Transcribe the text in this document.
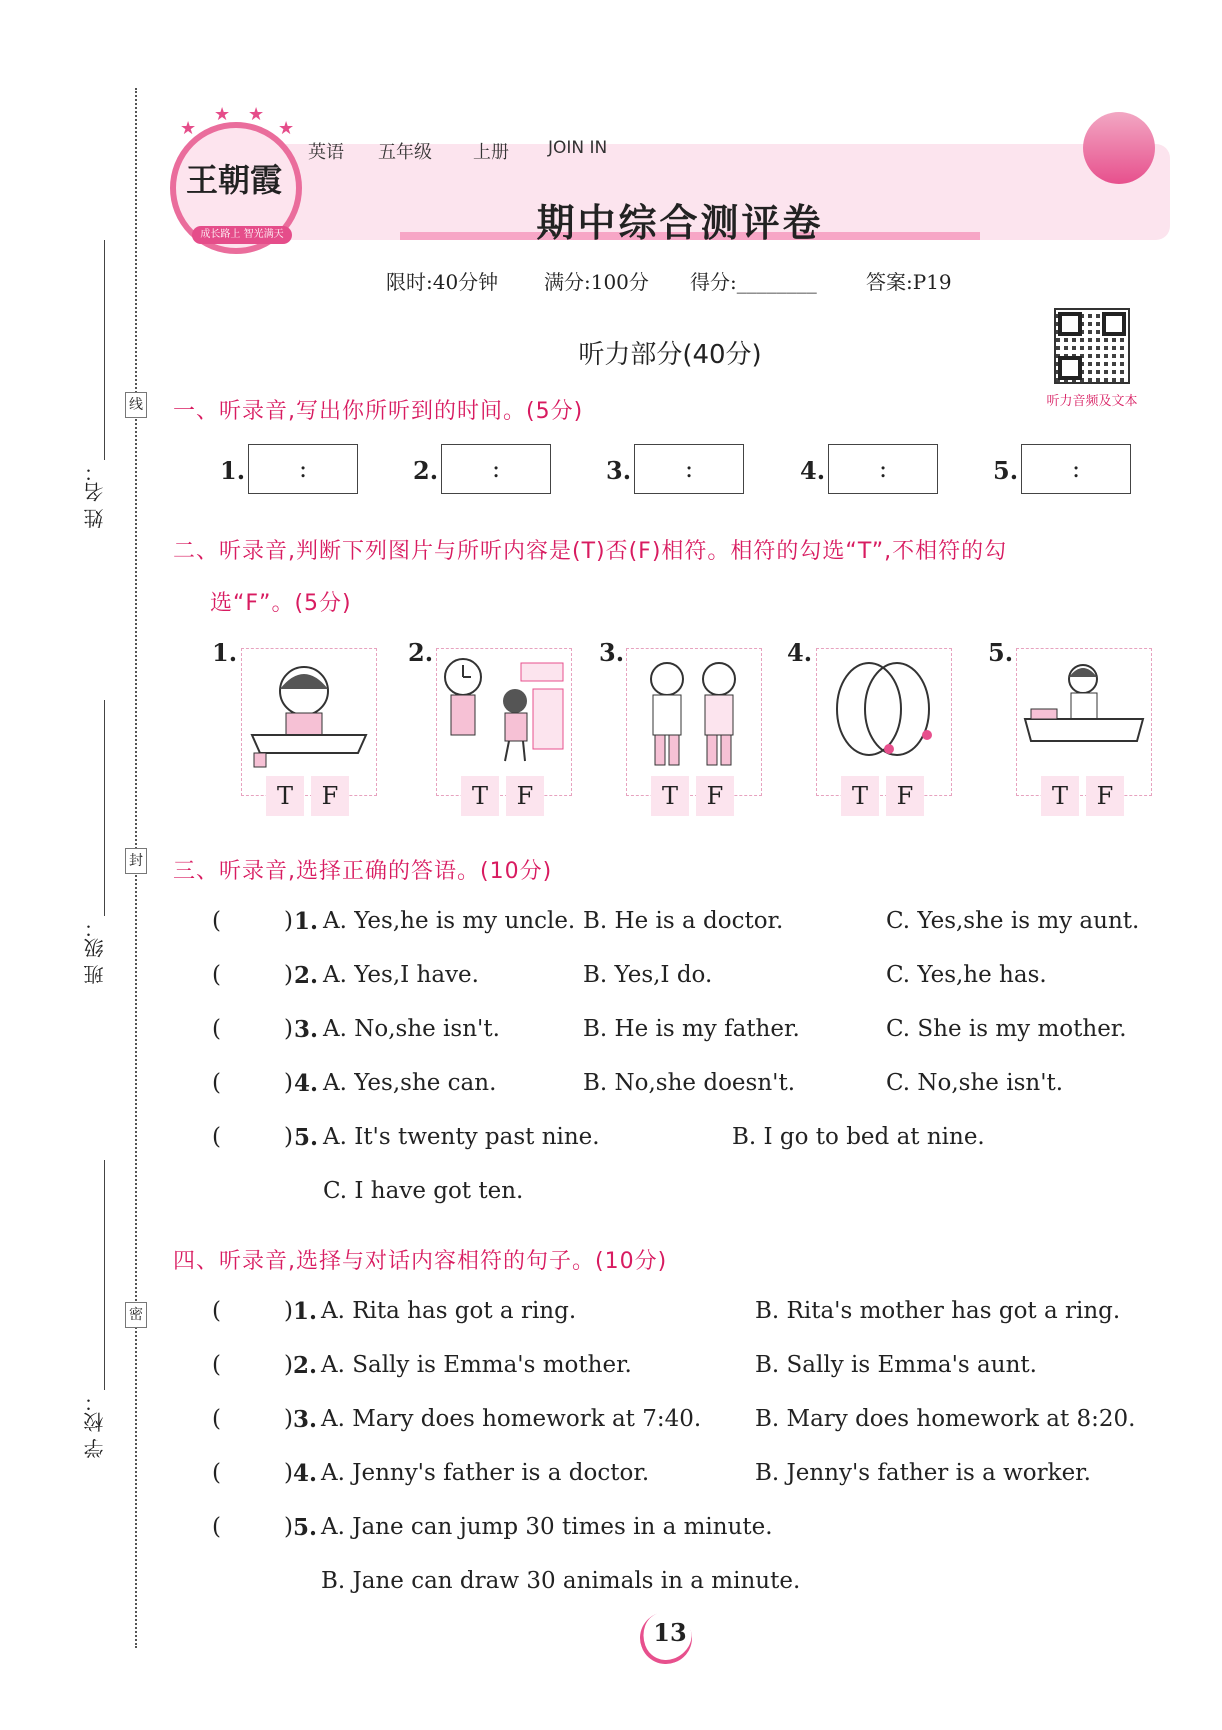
线
封
密
姓 名：
班 级：
学 校：
★
★ ★
★
王朝霞
成长路上 智光满天
英语 五年级 上册 JOIN IN
期中综合测评卷
限时:40分钟 满分:100分 得分:________ 答案:P19
听力音频及文本
听力部分(40分)
一、听录音,写出你所听到的时间。(5分)
1.	:	2.	:	3.	:	4.	:	5.	:
二、听录音,判断下列图片与所听内容是(T)否(F)相符。相符的勾选“T”,不相符的勾
选“F”。(5分)
1.
T	F
2.
T	F
3.
T	F
4.
T	F
5.
T	F
三、听录音,选择正确的答语。(10分)
(	) 1. A. Yes,he is my uncle. B. He is a doctor.	C. Yes,she is my aunt.
(	) 2. A. Yes,I have.	B. Yes,I do.	C. Yes,he has.
(	) 3. A. No,she isn't.	B. He is my father.	C. She is my mother.
(	) 4. A. Yes,she can.	B. No,she doesn't.	C. No,she isn't.
(	) 5. A. It's twenty past nine.	B. I go to bed at nine.
C. I have got ten.
四、听录音,选择与对话内容相符的句子。(10分)
(	) 1. A. Rita has got a ring.	B. Rita's mother has got a ring.
(	) 2. A. Sally is Emma's mother.	B. Sally is Emma's aunt.
(	) 3. A. Mary does homework at 7:40. B. Mary does homework at 8:20.
(	) 4. A. Jenny's father is a doctor.	B. Jenny's father is a worker.
(	) 5. A. Jane can jump 30 times in a minute.
B. Jane can draw 30 animals in a minute.
13
